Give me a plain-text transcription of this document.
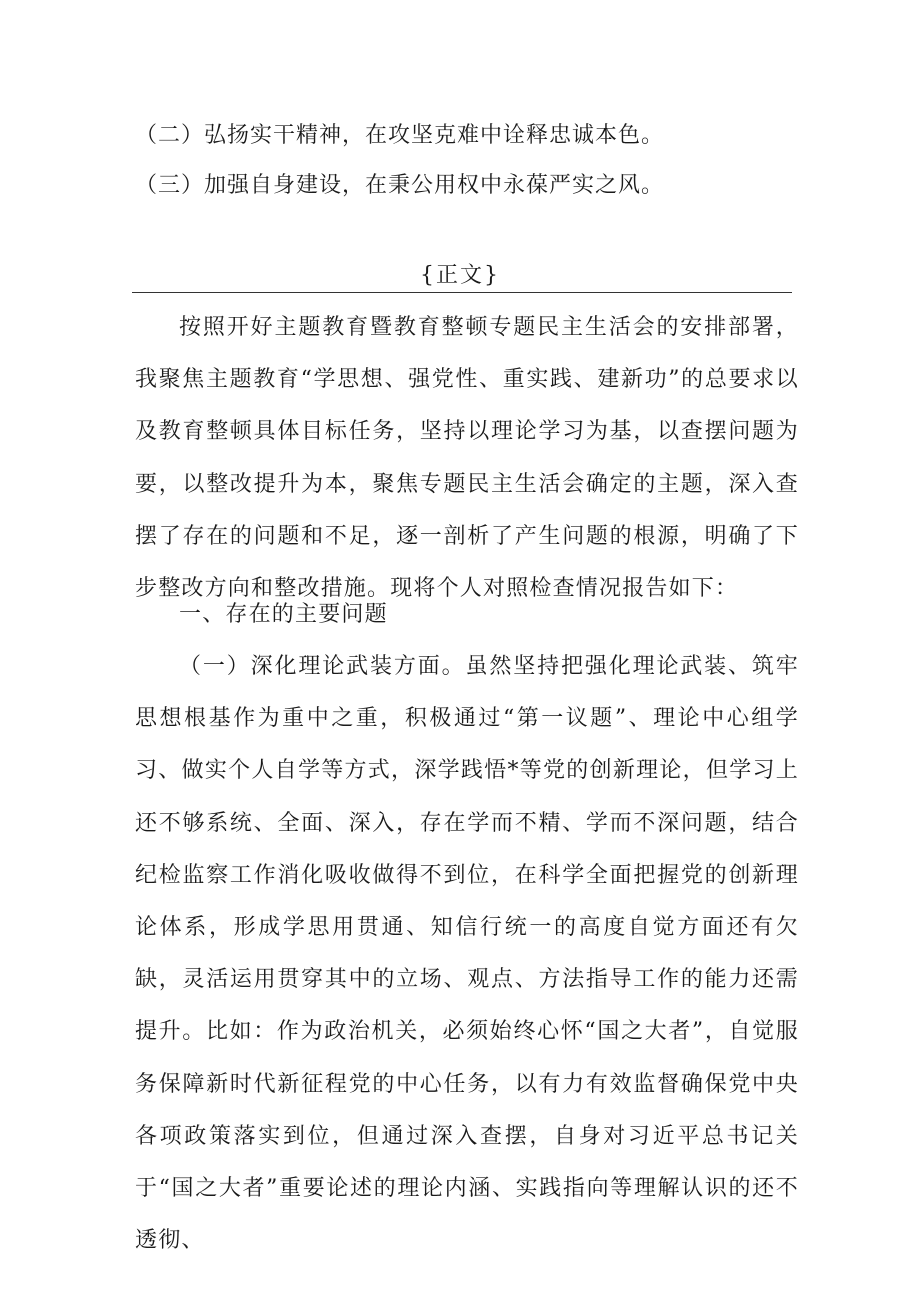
（二）弘扬实干精神，在攻坚克难中诠释忠诚本色。
（三）加强自身建设，在秉公用权中永葆严实之风。
{正文}

按照开好主题教育暨教育整顿专题民主生活会的安排部署，我聚焦主题教育“学思想、强党性、重实践、建新功”的总要求以及教育整顿具体目标任务，坚持以理论学习为基，以查摆问题为要，以整改提升为本，聚焦专题民主生活会确定的主题，深入查摆了存在的问题和不足，逐一剖析了产生问题的根源，明确了下步整改方向和整改措施。现将个人对照检查情况报告如下：

一、存在的主要问题

（一）深化理论武装方面。虽然坚持把强化理论武装、筑牢思想根基作为重中之重，积极通过“第一议题”、理论中心组学习、做实个人自学等方式，深学践悟*等党的创新理论，但学习上还不够系统、全面、深入，存在学而不精、学而不深问题，结合纪检监察工作消化吸收做得不到位，在科学全面把握党的创新理论体系，形成学思用贯通、知信行统一的高度自觉方面还有欠缺，灵活运用贯穿其中的立场、观点、方法指导工作的能力还需提升。比如：作为政治机关，必须始终心怀“国之大者”，自觉服务保障新时代新征程党的中心任务，以有力有效监督确保党中央各项政策落实到位，但通过深入查摆，自身对习近平总书记关于“国之大者”重要论述的理论内涵、实践指向等理解认识的还不透彻、
